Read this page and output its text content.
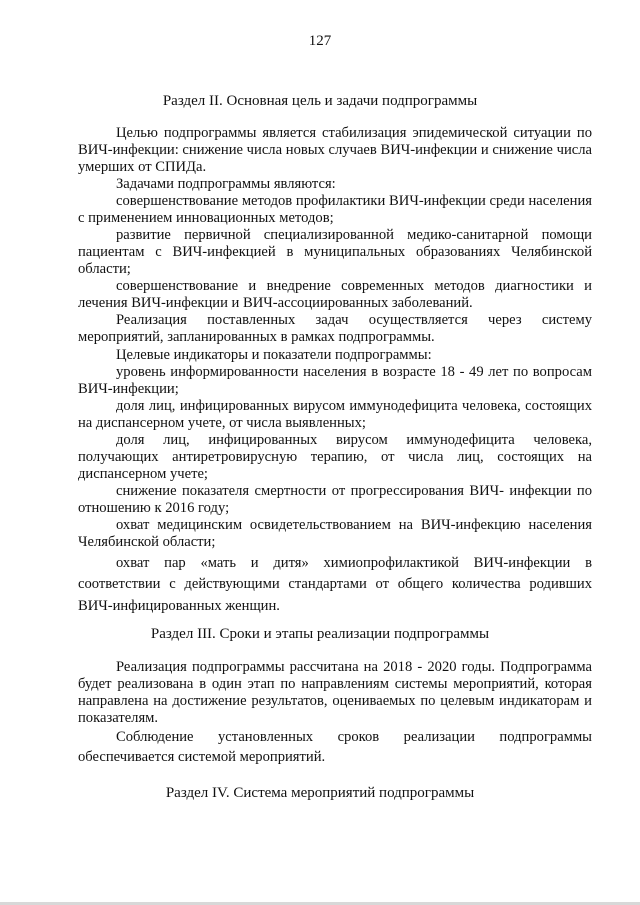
127
Раздел II. Основная цель и задачи подпрограммы

Целью подпрограммы является стабилизация эпидемической ситуации по ВИЧ-инфекции: снижение числа новых случаев ВИЧ-инфекции и снижение числа умерших от СПИДа.

Задачами подпрограммы являются:

совершенствование методов профилактики ВИЧ-инфекции среди населения с применением инновационных методов;

развитие первичной специализированной медико-санитарной помощи пациентам с ВИЧ-инфекцией в муниципальных образованиях Челябинской области;

совершенствование и внедрение современных методов диагностики и лечения ВИЧ-инфекции и ВИЧ-ассоциированных заболеваний.

Реализация поставленных задач осуществляется через систему мероприятий, запланированных в рамках подпрограммы.

Целевые индикаторы и показатели подпрограммы:

уровень информированности населения в возрасте 18 - 49 лет по вопросам ВИЧ-инфекции;

доля лиц, инфицированных вирусом иммунодефицита человека, состоящих на диспансерном учете, от числа выявленных;

доля лиц, инфицированных вирусом иммунодефицита человека, получающих антиретровирусную терапию, от числа лиц, состоящих на диспансерном учете;

снижение показателя смертности от прогрессирования ВИЧ- инфекции по отношению к 2016 году;

охват медицинским освидетельствованием на ВИЧ-инфекцию населения Челябинской области;

охват пар «мать и дитя» химиопрофилактикой ВИЧ-инфекции в соответствии с действующими стандартами от общего количества родивших ВИЧ-инфицированных женщин.

Раздел III. Сроки и этапы реализации подпрограммы

Реализация подпрограммы рассчитана на 2018 - 2020 годы. Подпрограмма будет реализована в один этап по направлениям системы мероприятий, которая направлена на достижение результатов, оцениваемых по целевым индикаторам и показателям.

Соблюдение установленных сроков реализации подпрограммы обеспечивается системой мероприятий.

Раздел IV. Система мероприятий подпрограммы
